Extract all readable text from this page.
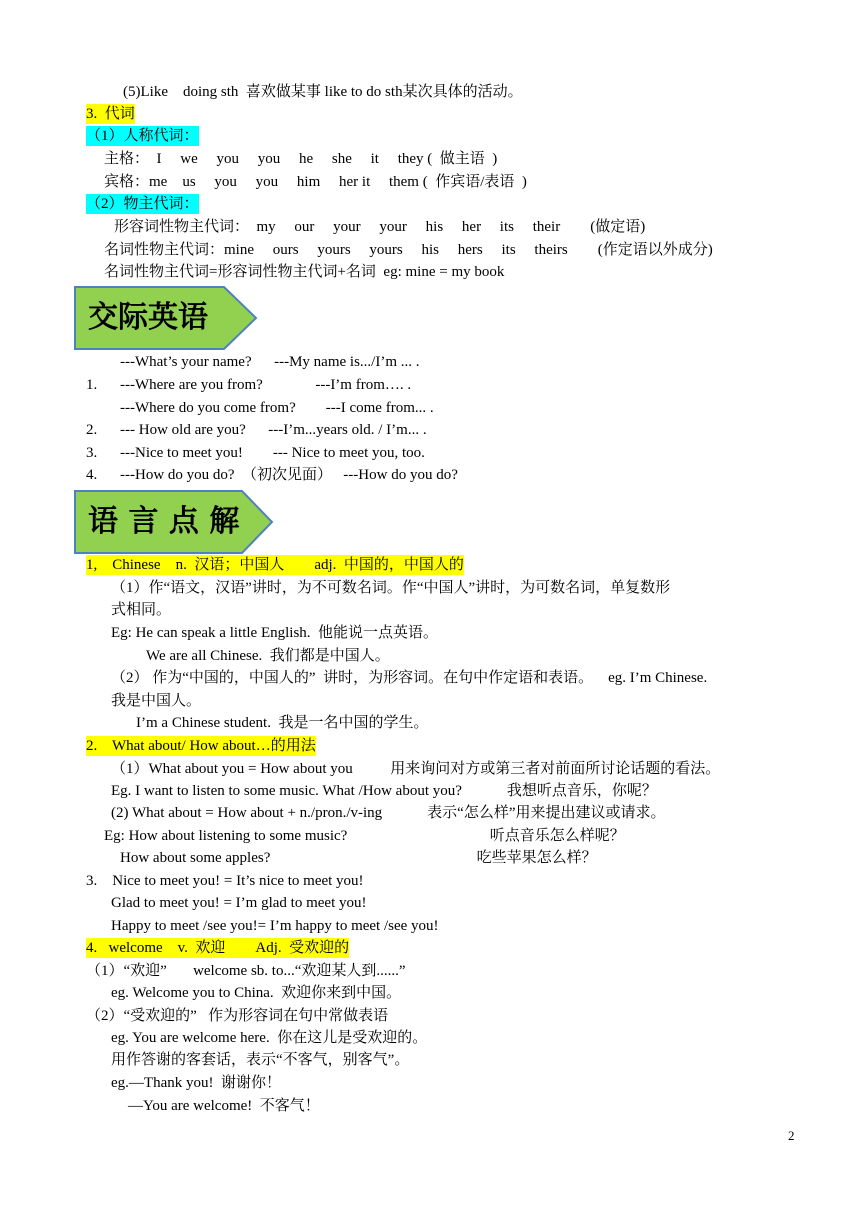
(5)Like    doing sth  喜欢做某事 like to do sth某次具体的活动。
3.  代词
（1）人称代词：
主格：  I     we     you     you     he     she     it     they (  做主语  )
宾格：me    us     you     you     him     her it     them (  作宾语/表语  )
（2）物主代词：
形容词性物主代词：  my     our     your     your     his     her     its     their        (做定语)
名词性物主代词：mine     ours     yours     yours     his     hers     its     theirs        (作定语以外成分)
名词性物主代词=形容词性物主代词+名词  eg: mine = my book
交际英语
---What’s your name?      ---My name is.../I’m ... .
1. ---Where are you from?              ---I’m from…. .
---Where do you come from?        ---I come from... .
2. --- How old are you?      ---I’m...years old. / I’m... .
3. ---Nice to meet you!        --- Nice to meet you, too.
4. ---How do you do?  （初次见面）   ---How do you do?
语 言 点 解
1,    Chinese    n.  汉语；中国人        adj.  中国的，中国人的
（1）作“语文，汉语”讲时，为不可数名词。作“中国人”讲时，为可数名词，单复数形
式相同。
Eg: He can speak a little English.  他能说一点英语。
We are all Chinese.  我们都是中国人。
（2） 作为“中国的，中国人的”  讲时，为形容词。在句中作定语和表语。    eg. I’m Chinese.
我是中国人。
I’m a Chinese student.  我是一名中国的学生。
2.    What about/ How about…的用法
（1）What about you = How about you          用来询问对方或第三者对前面所讨论话题的看法。
Eg. I want to listen to some music. What /How about you?            我想听点音乐，你呢？
(2) What about = How about + n./pron./v-ing            表示“怎么样”用来提出建议或请求。
Eg: How about listening to some music?                                      听点音乐怎么样呢？
How about some apples?                                                       吃些苹果怎么样？
3.    Nice to meet you! = It’s nice to meet you!
Glad to meet you! = I’m glad to meet you!
Happy to meet /see you!= I’m happy to meet /see you!
4.   welcome    v.  欢迎        Adj.  受欢迎的
（1）“欢迎”       welcome sb. to...“欢迎某人到......”
eg. Welcome you to China.  欢迎你来到中国。
（2）“受欢迎的”   作为形容词在句中常做表语
eg. You are welcome here.  你在这儿是受欢迎的。
用作答谢的客套话，表示“不客气，别客气”。
eg.—Thank you!  谢谢你！
—You are welcome!  不客气！
2
